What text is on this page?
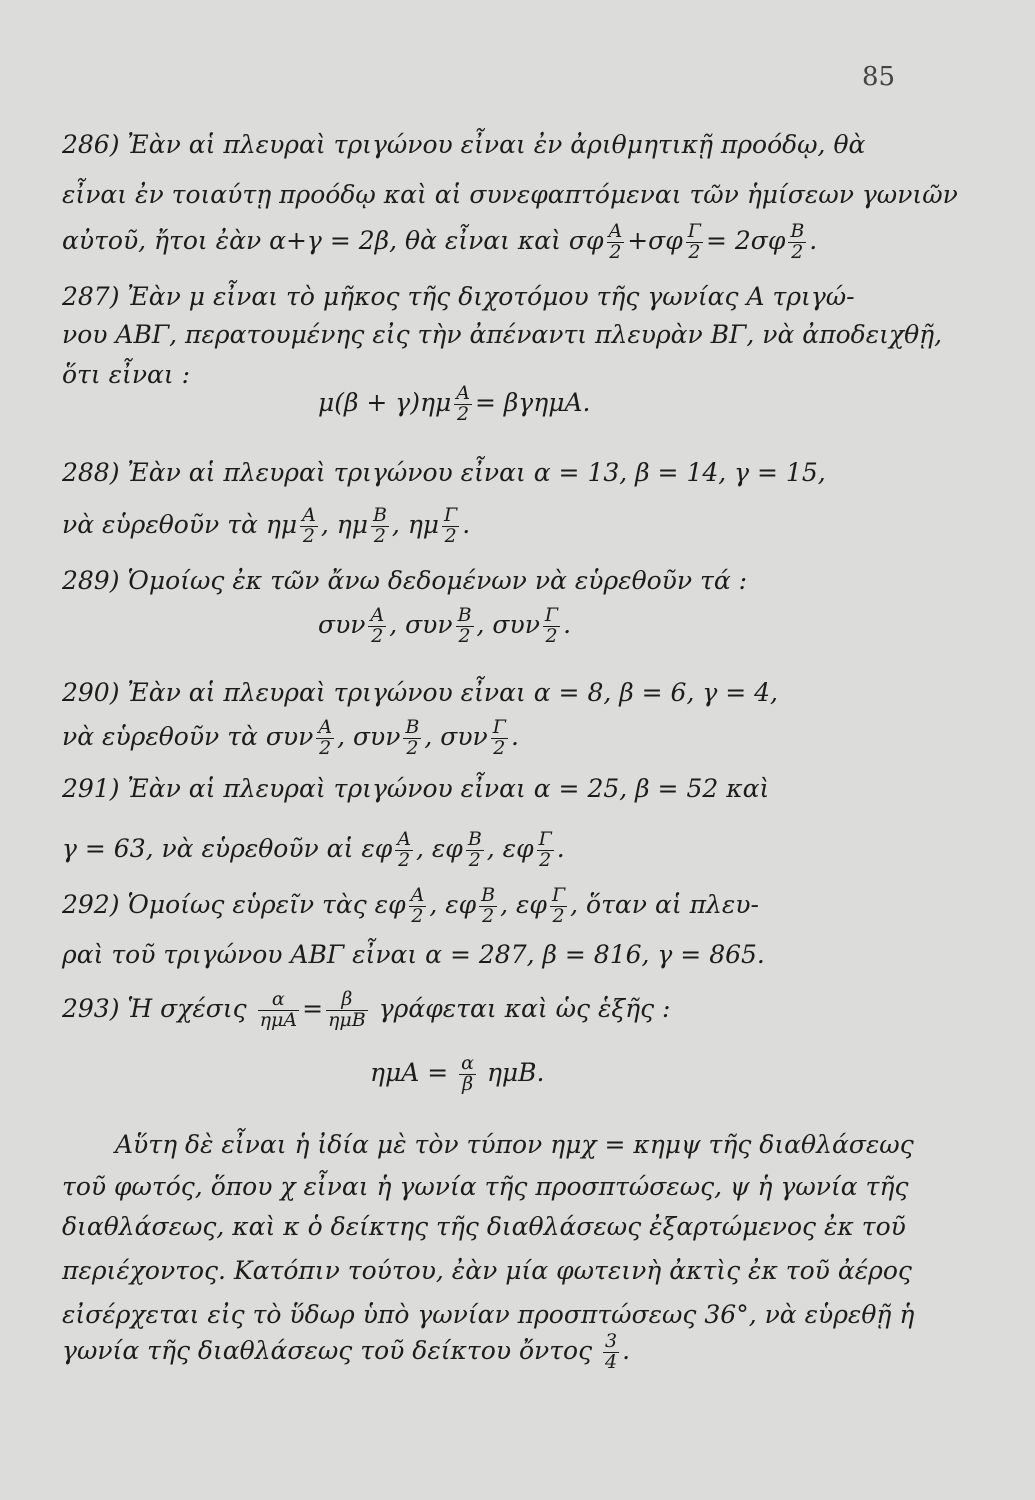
85
286) Ἐὰν αἱ πλευραὶ τριγώνου εἶναι ἐν ἀριθμητικῇ προόδῳ, θὰ
εἶναι ἐν τοιαύτῃ προόδῳ καὶ αἱ συνεφαπτόμεναι τῶν ἡμίσεων γωνιῶν
αὐτοῦ, ἤτοι ἐὰν α+γ = 2β, θὰ εἶναι καὶ σφ $\frac{A}{2} +\sigma\varphi \frac{\Gamma}{2} = 2\sigma\varphi \frac{B}{2}$ .
287) Ἐὰν μ εἶναι τὸ μῆκος τῆς διχοτόμου τῆς γωνίας Α τριγώ-
νου ΑΒΓ, περατουμένης εἰς τὴν ἀπέναντι πλευρὰν ΒΓ, νὰ ἀποδειχθῇ,
ὅτι εἶναι :
$\mu(\beta + \gamma)\eta\mu \frac{A}{2} = \beta\gamma\eta\mu A$.
288) Ἐὰν αἱ πλευραὶ τριγώνου εἶναι α = 13, β = 14, γ = 15,
νὰ εὑρεθοῦν τὰ ημ $\frac{A}{2}$ , ημ $\frac{B}{2}$ , ημ $\frac{\Gamma}{2}$ .
289) Ὁμοίως ἐκ τῶν ἄνω δεδομένων νὰ εὑρεθοῦν τά :
συν $\frac{A}{2}$ , συν $\frac{B}{2}$ , συν $\frac{\Gamma}{2}$ .
290) Ἐὰν αἱ πλευραὶ τριγώνου εἶναι α = 8, β = 6, γ = 4,
νὰ εὑρεθοῦν τὰ συν $\frac{A}{2}$ , συν $\frac{B}{2}$ , συν $\frac{\Gamma}{2}$ .
291) Ἐὰν αἱ πλευραὶ τριγώνου εἶναι α = 25, β = 52 καὶ
γ = 63, νὰ εὑρεθοῦν αἱ εφ $\frac{A}{2}$ , εφ $\frac{B}{2}$ , εφ $\frac{\Gamma}{2}$ .
292) Ὁμοίως εὑρεῖν τὰς εφ $\frac{A}{2}$ , εφ $\frac{B}{2}$ , εφ $\frac{\Gamma}{2}$ , ὅταν αἱ πλευ-
ραὶ τοῦ τριγώνου ΑΒΓ εἶναι α = 287, β = 816, γ = 865.
293) Ἡ σχέσις $\frac{\alpha}{\text{ημΑ}} = \frac{\beta}{\text{ημΒ}}$ γράφεται καὶ ὡς ἑξῆς :
$\eta\mu A = \frac{\alpha}{\beta} \eta\mu B$.
Αὕτη δὲ εἶναι ἡ ἰδία μὲ τὸν τύπον ημχ = κημψ τῆς διαθλάσεως
τοῦ φωτός, ὅπου χ εἶναι ἡ γωνία τῆς προσπτώσεως, ψ ἡ γωνία τῆς
διαθλάσεως, καὶ κ ὁ δείκτης τῆς διαθλάσεως ἐξαρτώμενος ἐκ τοῦ
περιέχοντος. Κατόπιν τούτου, ἐὰν μία φωτεινὴ ἀκτὶς ἐκ τοῦ ἀέρος
εἰσέρχεται εἰς τὸ ὕδωρ ὑπὸ γωνίαν προσπτώσεως 36°, νὰ εὑρεθῇ ἡ
γωνία τῆς διαθλάσεως τοῦ δείκτου ὄντος $\frac{3}{4}$ .
